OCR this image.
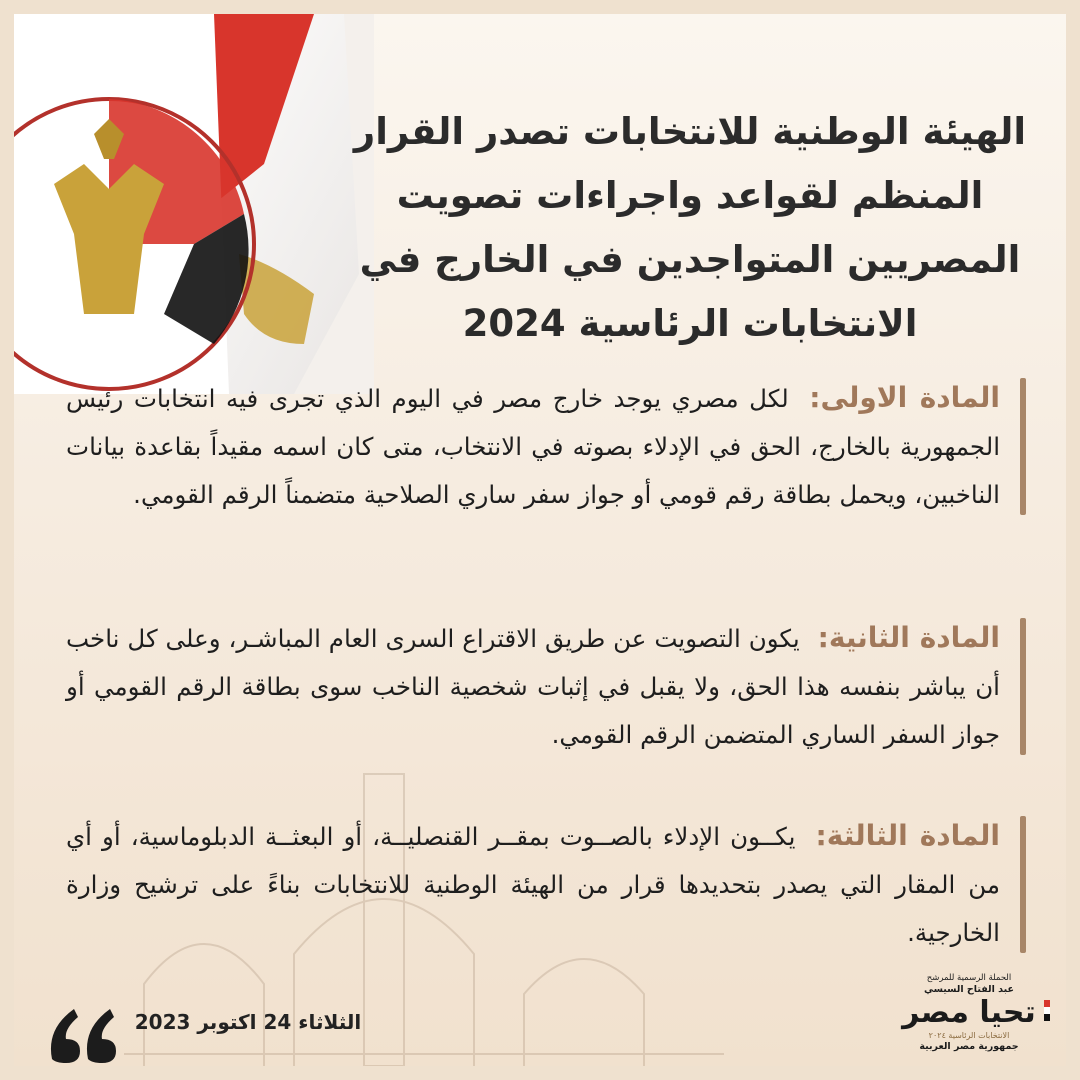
الهيئة الوطنية للانتخابات تصدر القرار المنظم لقواعد واجراءات تصويت المصريين المتواجدين في الخارج في الانتخابات الرئاسية 2024
المادة الاولى: لكل مصري يوجد خارج مصر في اليوم الذي تجرى فيه انتخابات رئيس الجمهورية بالخارج، الحق في الإدلاء بصوته في الانتخاب، متى كان اسمه مقيداً بقاعدة بيانات الناخبين، ويحمل بطاقة رقم قومي أو جواز سفر ساري الصلاحية متضمناً الرقم القومي.
المادة الثانية: يكون التصويت عن طريق الاقتراع السرى العام المباشـر، وعلى كل ناخب أن يباشر بنفسه هذا الحق، ولا يقبل في إثبات شخصية الناخب سوى بطاقة الرقم القومي أو جواز السفر الساري المتضمن الرقم القومي.
المادة الثالثة: يكــون الإدلاء بالصــوت بمقــر القنصليــة، أو البعثــة الدبلوماسية، أو أي من المقار التي يصدر بتحديدها قرار من الهيئة الوطنية للانتخابات بناءً على ترشيح وزارة الخارجية.
الثلاثاء 24 اكتوبر 2023
الحملة الرسمية للمرشح
عبد الفتاح السيسي
تحيا مصر
الانتخابات الرئاسية ٢٠٢٤
جمهورية مصر العربية
